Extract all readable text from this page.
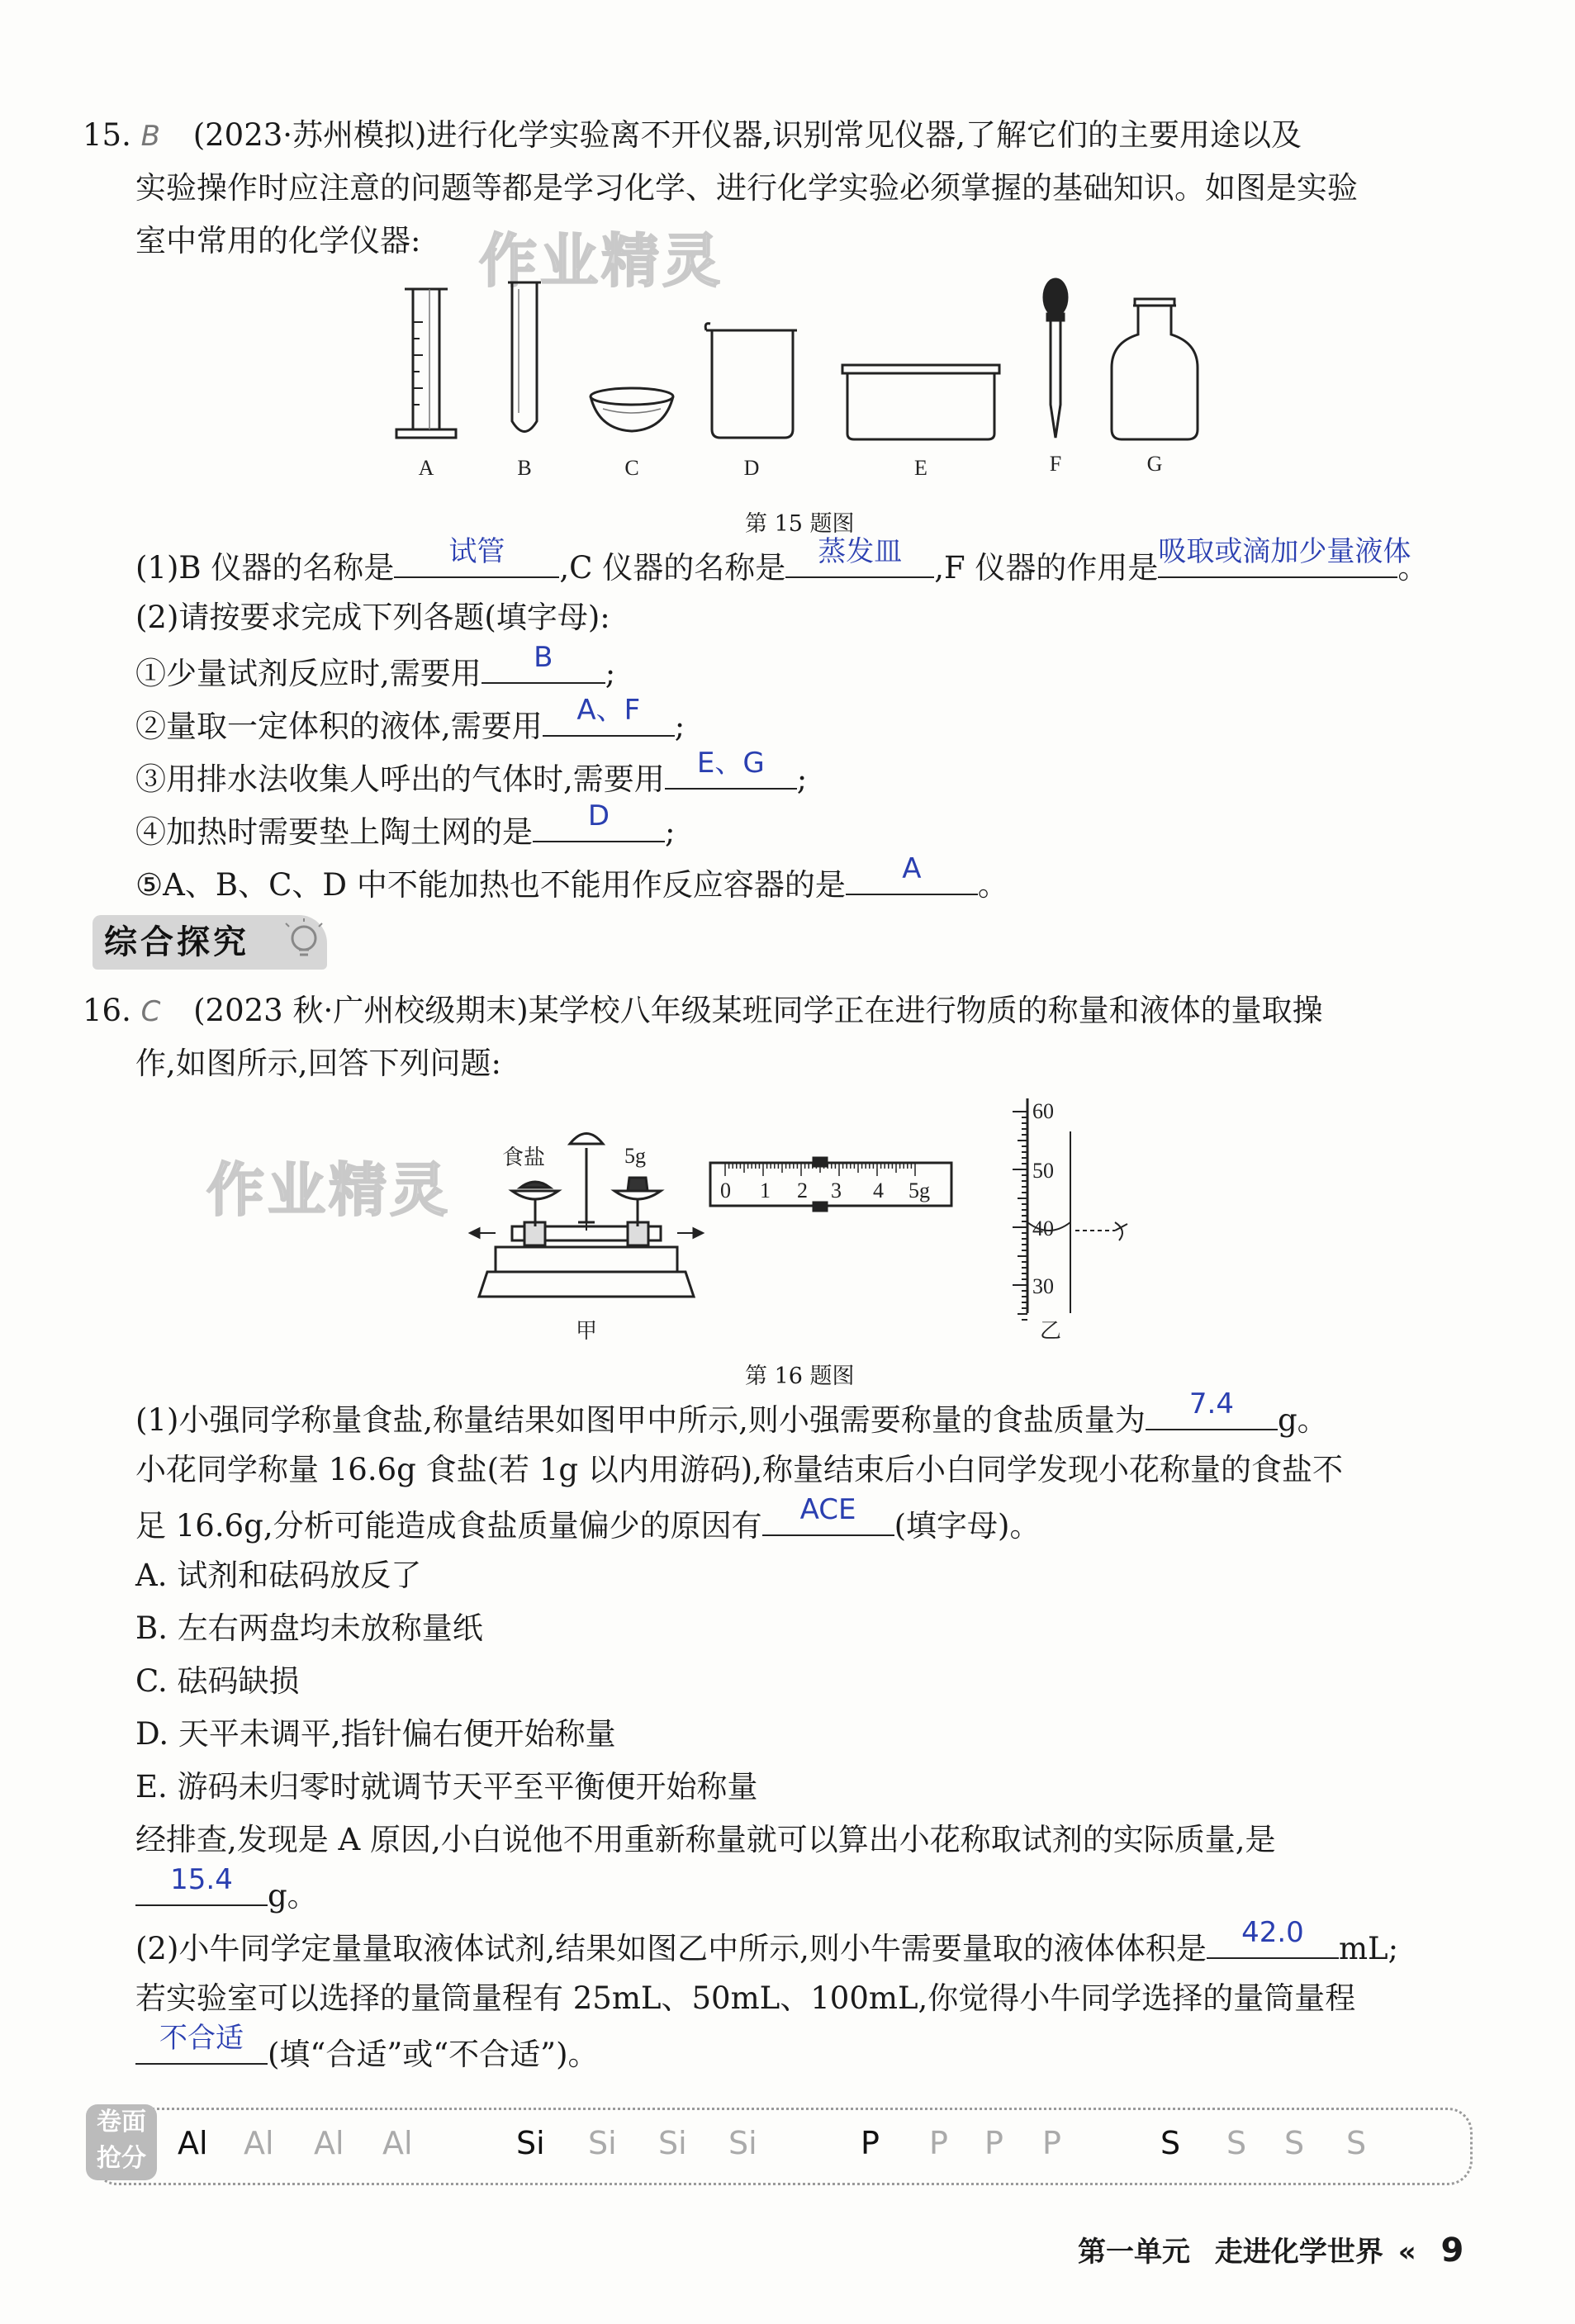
作业精灵
作业精灵
15. B (2023·苏州模拟)进行化学实验离不开仪器,识别常见仪器,了解它们的主要用途以及
实验操作时应注意的问题等都是学习化学、进行化学实验必须掌握的基础知识。如图是实验
室中常用的化学仪器:
A	B	C	D	E	F	G
第 15 题图
(1)B 仪器的名称是	试管	,C 仪器的名称是	蒸发皿	,F 仪器的作用是 吸取或滴加少量液体
。
(2)请按要求完成下列各题(填字母):
①少量试剂反应时,需要用	B	;
②量取一定体积的液体,需要用	A、F	;
③用排水法收集人呼出的气体时,需要用	E、G	;
④加热时需要垫上陶土网的是	D	;
⑤A、B、C、D 中不能加热也不能用作反应容器的是	A	。
综合探究
16. C (2023 秋·广州校级期末)某学校八年级某班同学正在进行物质的称量和液体的量取操
作,如图所示,回答下列问题:
食盐	5g
甲
0 1 2 3 4 5g
60
50
40
30
乙
第 16 题图
(1)小强同学称量食盐,称量结果如图甲中所示,则小强需要称量的食盐质量为	7.4	g。
小花同学称量 16.6g 食盐(若 1g 以内用游码),称量结束后小白同学发现小花称量的食盐不
足 16.6g,分析可能造成食盐质量偏少的原因有	ACE	(填字母)。
A. 试剂和砝码放反了
B. 左右两盘均未放称量纸
C. 砝码缺损
D. 天平未调平,指针偏右便开始称量
E. 游码未归零时就调节天平至平衡便开始称量
经排查,发现是 A 原因,小白说他不用重新称量就可以算出小花称取试剂的实际质量,是
15.4	g。
(2)小牛同学定量量取液体试剂,结果如图乙中所示,则小牛需要量取的液体体积是	42.0	mL;
若实验室可以选择的量筒量程有 25mL、50mL、100mL,你觉得小牛同学选择的量筒量程
不合适 (填“合适”或“不合适”)。
卷面
抢分	Al Al Al Al	Si Si Si Si	P P P P	S S S S
第一单元 走进化学世界 « 9
